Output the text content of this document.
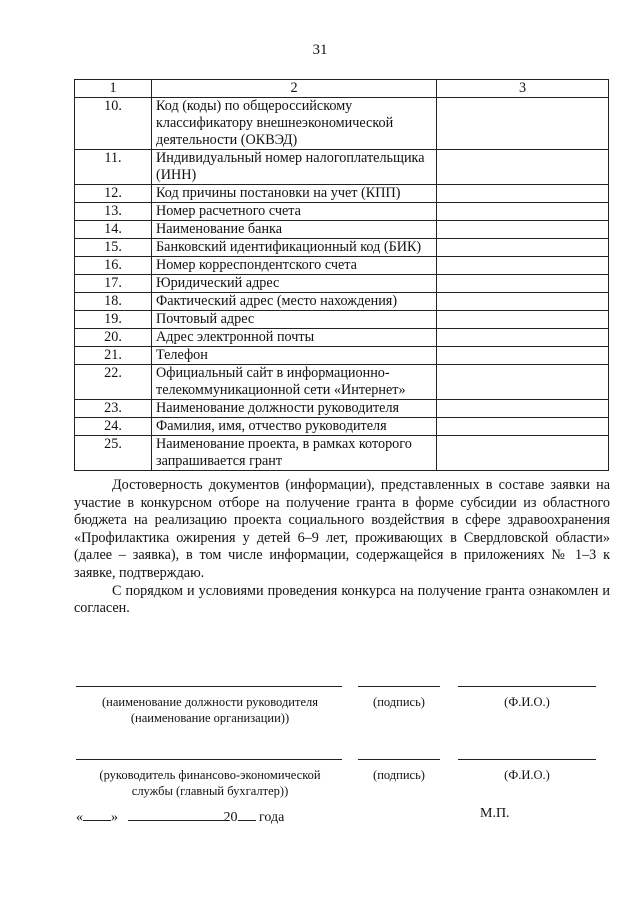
31
1	2	3
10.	Код (коды) по общероссийскому классификатору внешнеэкономической деятельности (ОКВЭД)	
11.	Индивидуальный номер налогоплательщика (ИНН)	
12.	Код причины постановки на учет (КПП)	
13.	Номер расчетного счета	
14.	Наименование банка	
15.	Банковский идентификационный код (БИК)	
16.	Номер корреспондентского счета	
17.	Юридический адрес	
18.	Фактический адрес (место нахождения)	
19.	Почтовый адрес	
20.	Адрес электронной почты	
21.	Телефон	
22.	Официальный сайт в информационно-телекоммуникационной сети «Интернет»	
23.	Наименование должности руководителя	
24.	Фамилия, имя, отчество руководителя	
25.	Наименование проекта, в рамках которого запрашивается грант	

Достоверность документов (информации), представленных в составе заявки на участие в конкурсном отборе на получение гранта в форме субсидии из областного бюджета на реализацию проекта социального воздействия в сфере здравоохранения «Профилактика ожирения у детей 6–9 лет, проживающих в Свердловской области» (далее – заявка), в том числе информации, содержащейся в приложениях № 1–3 к заявке, подтверждаю.

С порядком и условиями проведения конкурса на получение гранта ознакомлен и согласен.

(наименование должности руководителя (наименование организации))
(подпись)	(Ф.И.О.)
(руководитель финансово-экономической службы (главный бухгалтер))
(подпись)	(Ф.И.О.)
« »	20 года	М.П.
